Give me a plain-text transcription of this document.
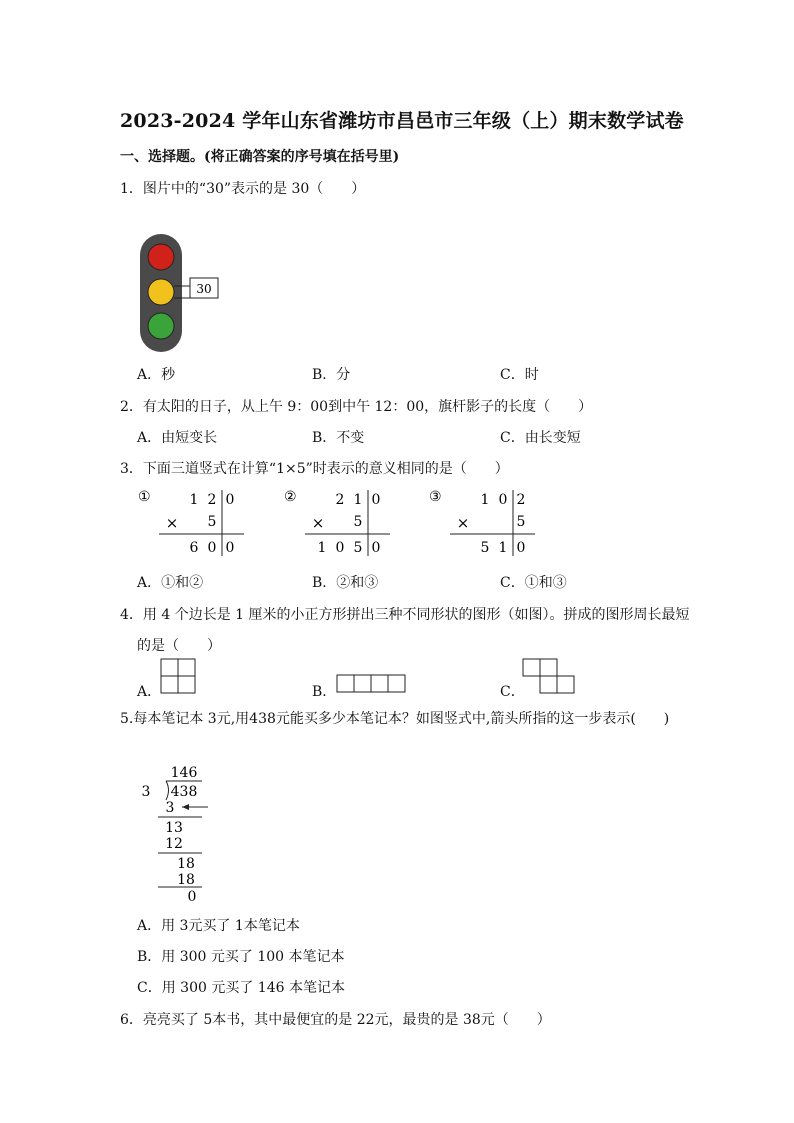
2023-2024 学年山东省潍坊市昌邑市三年级（上）期末数学试卷
一、选择题。(将正确答案的序号填在括号里)
1．图片中的“30”表示的是 30（　　）
30
A．秒	B．分	C．时
2．有太阳的日子，从上午 9：00到中午 12：00，旗杆影子的长度（　　）
A．由短变长	B．不变	C．由长变短
3．下面三道竖式在计算“1×5”时表示的意义相同的是（　　）
①	1 2 0
× 5
6 0 0
②	2 1 0
× 5
1 0 5 0
③	1 0 2
×	5
5 1 0
A．①和②	B．②和③	C．①和③
4．用 4 个边长是 1 厘米的小正方形拼出三种不同形状的图形（如图）。拼成的图形周长最短
的是（　　）
A．	B．	C．
5.每本笔记本 3元,用438元能买多少本笔记本？如图竖式中,箭头所指的这一步表示(　　)
146
3 438
3
13
12
18
18
0
A．用 3元买了 1本笔记本
B．用 300 元买了 100 本笔记本
C．用 300 元买了 146 本笔记本
6．亮亮买了 5本书，其中最便宜的是 22元，最贵的是 38元（　　）
